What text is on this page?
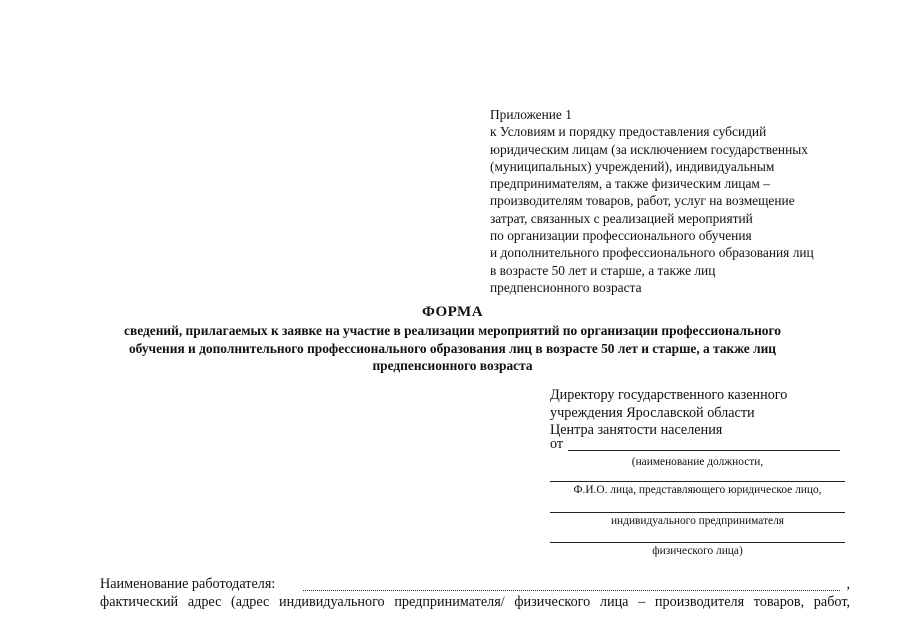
Приложение 1
к Условиям и порядку предоставления субсидий
юридическим лицам (за исключением государственных
(муниципальных) учреждений), индивидуальным
предпринимателям, а также физическим лицам –
производителям товаров, работ, услуг на возмещение
затрат, связанных с реализацией мероприятий
по организации профессионального обучения
и дополнительного профессионального образования лиц
в возрасте 50 лет и старше, а также лиц
предпенсионного возраста
ФОРМА
сведений, прилагаемых к заявке на участие в реализации мероприятий по организации профессионального
обучения и дополнительного профессионального образования лиц в возрасте 50 лет и старше, а также лиц
предпенсионного возраста
Директору государственного казенного
учреждения Ярославской области
Центра занятости населения
от
(наименование должности,
Ф.И.О. лица, представляющего юридическое лицо,
индивидуального предпринимателя
физического лица)
Наименование работодателя:	,
фактический адрес (адрес индивидуального предпринимателя/ физического лица – производителя товаров, работ,
